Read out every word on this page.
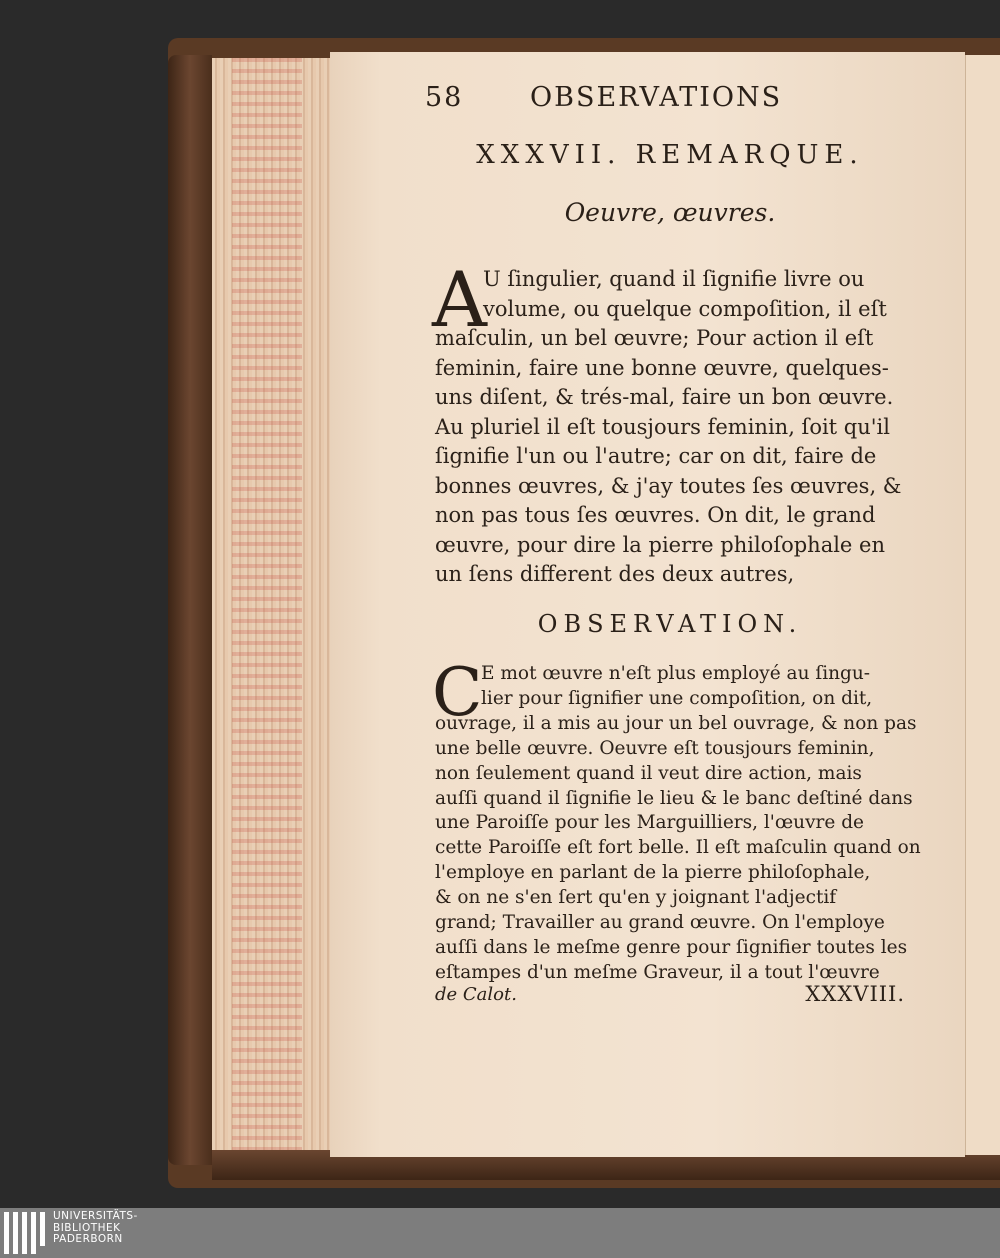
58 OBSERVATIONS
XXXVII. REMARQUE.
Oeuvre, œuvres.
A
U ſingulier, quand il ſignifie livre ou
volume, ou quelque compoſition, il eſt
maſculin, un bel œuvre; Pour action il eſt
feminin, faire une bonne œuvre, quelques-
uns diſent, & trés-mal, faire un bon œuvre.
Au pluriel il eſt tousjours feminin, ſoit qu'il
ſignifie l'un ou l'autre; car on dit, faire de
bonnes œuvres, & j'ay toutes ſes œuvres, &
non pas tous ſes œuvres. On dit, le grand
œuvre, pour dire la pierre philoſophale en
un ſens different des deux autres,
OBSERVATION.
C
E mot œuvre n'eſt plus employé au ſingu-
lier pour ſignifier une compoſition, on dit,
ouvrage, il a mis au jour un bel ouvrage, & non pas
une belle œuvre. Oeuvre eſt tousjours feminin,
non ſeulement quand il veut dire action, mais
auſſi quand il ſignifie le lieu & le banc deſtiné dans
une Paroiſſe pour les Marguilliers, l'œuvre de
cette Paroiſſe eſt fort belle. Il eſt maſculin quand on
l'employe en parlant de la pierre philoſophale,
& on ne s'en ſert qu'en y joignant l'adjectif
grand; Travailler au grand œuvre. On l'employe
auſſi dans le meſme genre pour ſignifier toutes les
eſtampes d'un meſme Graveur, il a tout l'œuvre
de Calot.	XXXVIII.
UNIVERSITÄTS-
BIBLIOTHEK
PADERBORN
